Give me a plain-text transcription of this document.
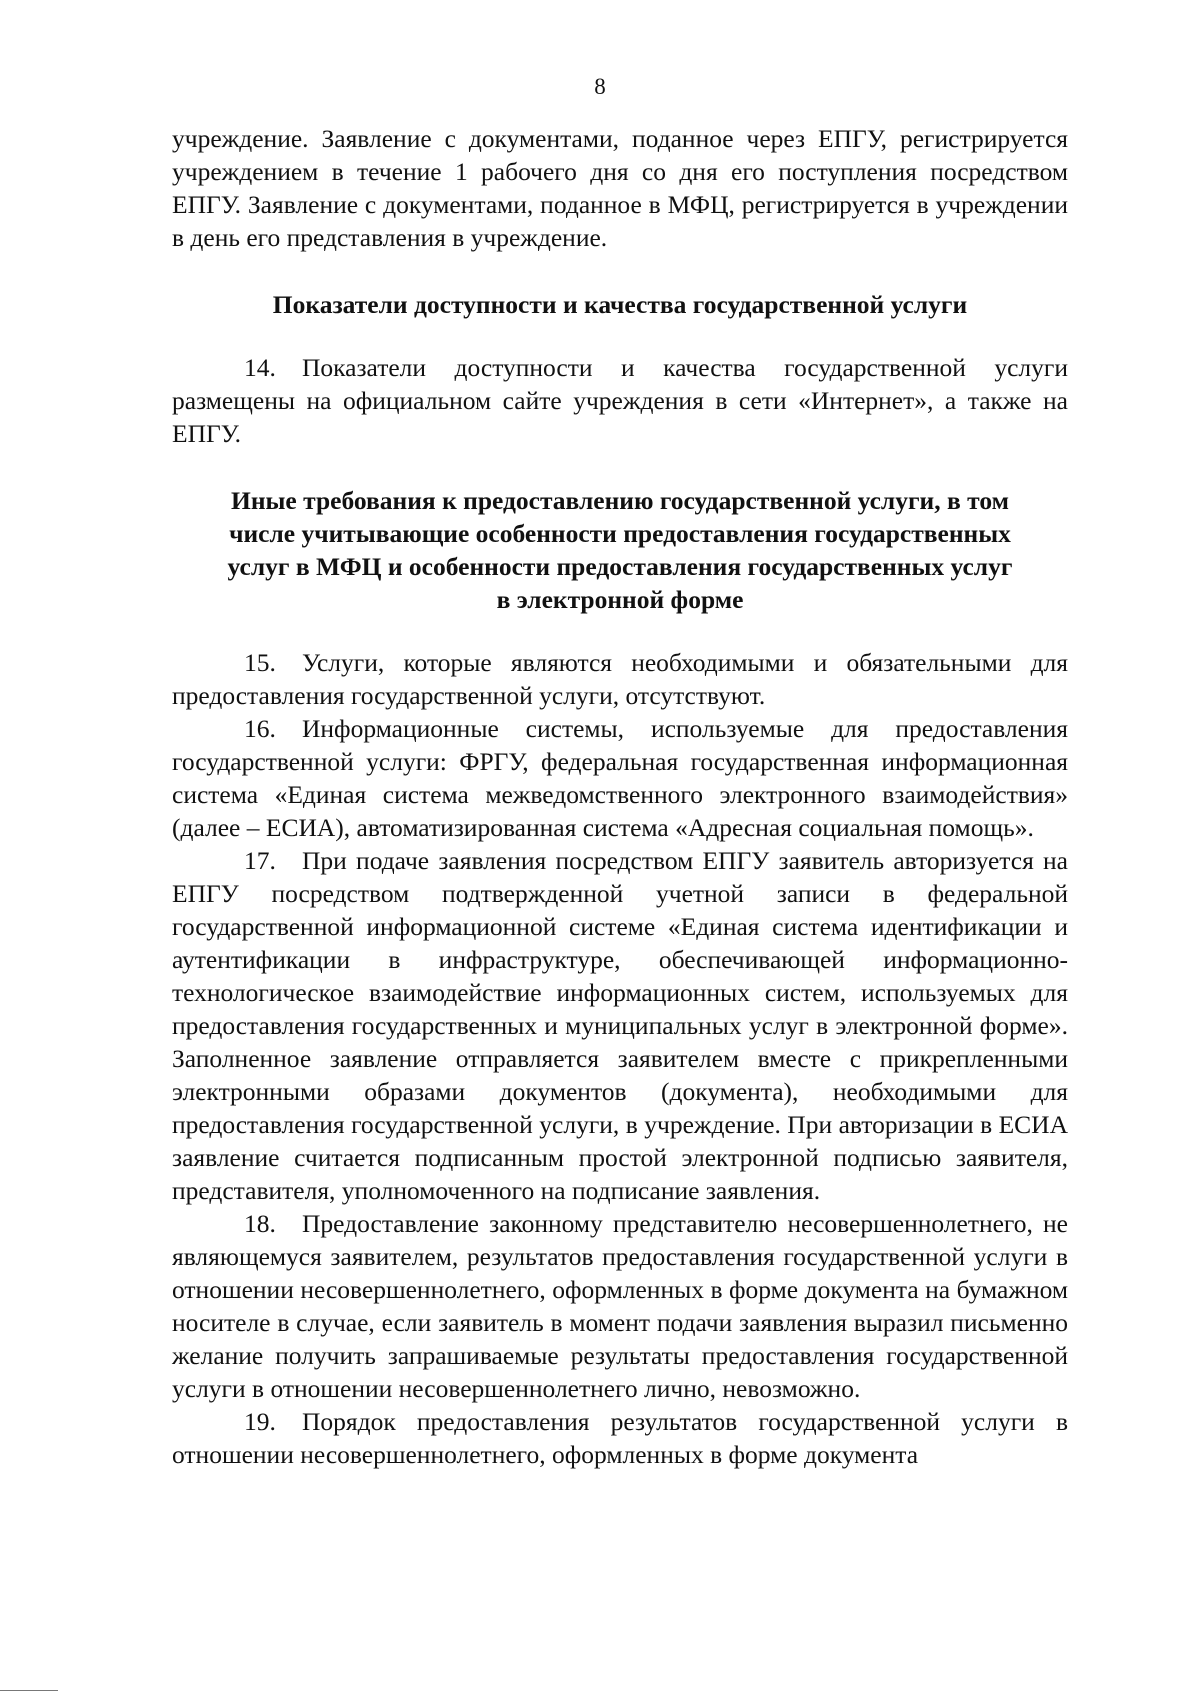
8

учреждение. Заявление с документами, поданное через ЕПГУ, регистрируется учреждением в течение 1 рабочего дня со дня его поступления посредством ЕПГУ. Заявление с документами, поданное в МФЦ, регистрируется в учреждении в день его представления в учреждение.

Показатели доступности и качества государственной услуги

14. Показатели доступности и качества государственной услуги размещены на официальном сайте учреждения в сети «Интернет», а также на ЕПГУ.

Иные требования к предоставлению государственной услуги, в том
числе учитывающие особенности предоставления государственных
услуг в МФЦ и особенности предоставления государственных услуг
в электронной форме

15. Услуги, которые являются необходимыми и обязательными для предоставления государственной услуги, отсутствуют.

16. Информационные системы, используемые для предоставления государственной услуги: ФРГУ, федеральная государственная информационная система «Единая система межведомственного электронного взаимодействия» (далее – ЕСИА), автоматизированная система «Адресная социальная помощь».

17. При подаче заявления посредством ЕПГУ заявитель авторизуется на ЕПГУ посредством подтвержденной учетной записи в федеральной государственной информационной системе «Единая система идентификации и аутентификации в инфраструктуре, обеспечивающей информационно-технологическое взаимодействие информационных систем, используемых для предоставления государственных и муниципальных услуг в электронной форме». Заполненное заявление отправляется заявителем вместе с прикрепленными электронными образами документов (документа), необходимыми для предоставления государственной услуги, в учреждение. При авторизации в ЕСИА заявление считается подписанным простой электронной подписью заявителя, представителя, уполномоченного на подписание заявления.

18. Предоставление законному представителю несовершеннолетнего, не являющемуся заявителем, результатов предоставления государственной услуги в отношении несовершеннолетнего, оформленных в форме документа на бумажном носителе в случае, если заявитель в момент подачи заявления выразил письменно желание получить запрашиваемые результаты предоставления государственной услуги в отношении несовершеннолетнего лично, невозможно.

19. Порядок предоставления результатов государственной услуги в отношении несовершеннолетнего, оформленных в форме документа
